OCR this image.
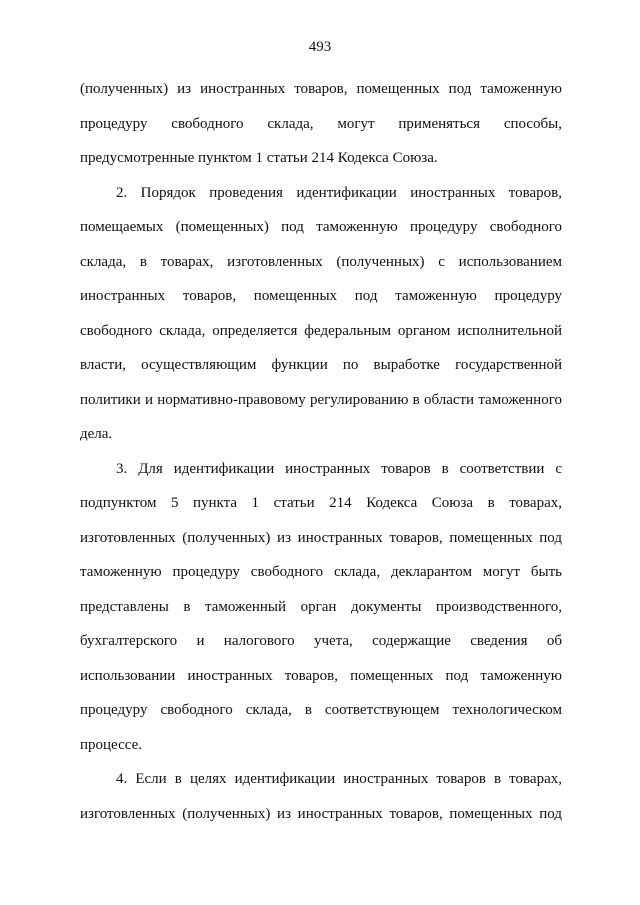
493
(полученных) из иностранных товаров, помещенных под таможенную
процедуру свободного склада, могут применяться способы,
предусмотренные пунктом 1 статьи 214 Кодекса Союза.
2. Порядок проведения идентификации иностранных товаров,
помещаемых (помещенных) под таможенную процедуру свободного
склада, в товарах, изготовленных (полученных) с использованием
иностранных товаров, помещенных под таможенную процедуру
свободного склада, определяется федеральным органом исполнительной
власти, осуществляющим функции по выработке государственной
политики и нормативно-правовому регулированию в области таможенного
дела.
3. Для идентификации иностранных товаров в соответствии с
подпунктом 5 пункта 1 статьи 214 Кодекса Союза в товарах,
изготовленных (полученных) из иностранных товаров, помещенных под
таможенную процедуру свободного склада, декларантом могут быть
представлены в таможенный орган документы производственного,
бухгалтерского и налогового учета, содержащие сведения об
использовании иностранных товаров, помещенных под таможенную
процедуру свободного склада, в соответствующем технологическом
процессе.
4. Если в целях идентификации иностранных товаров в товарах,
изготовленных (полученных) из иностранных товаров, помещенных под
